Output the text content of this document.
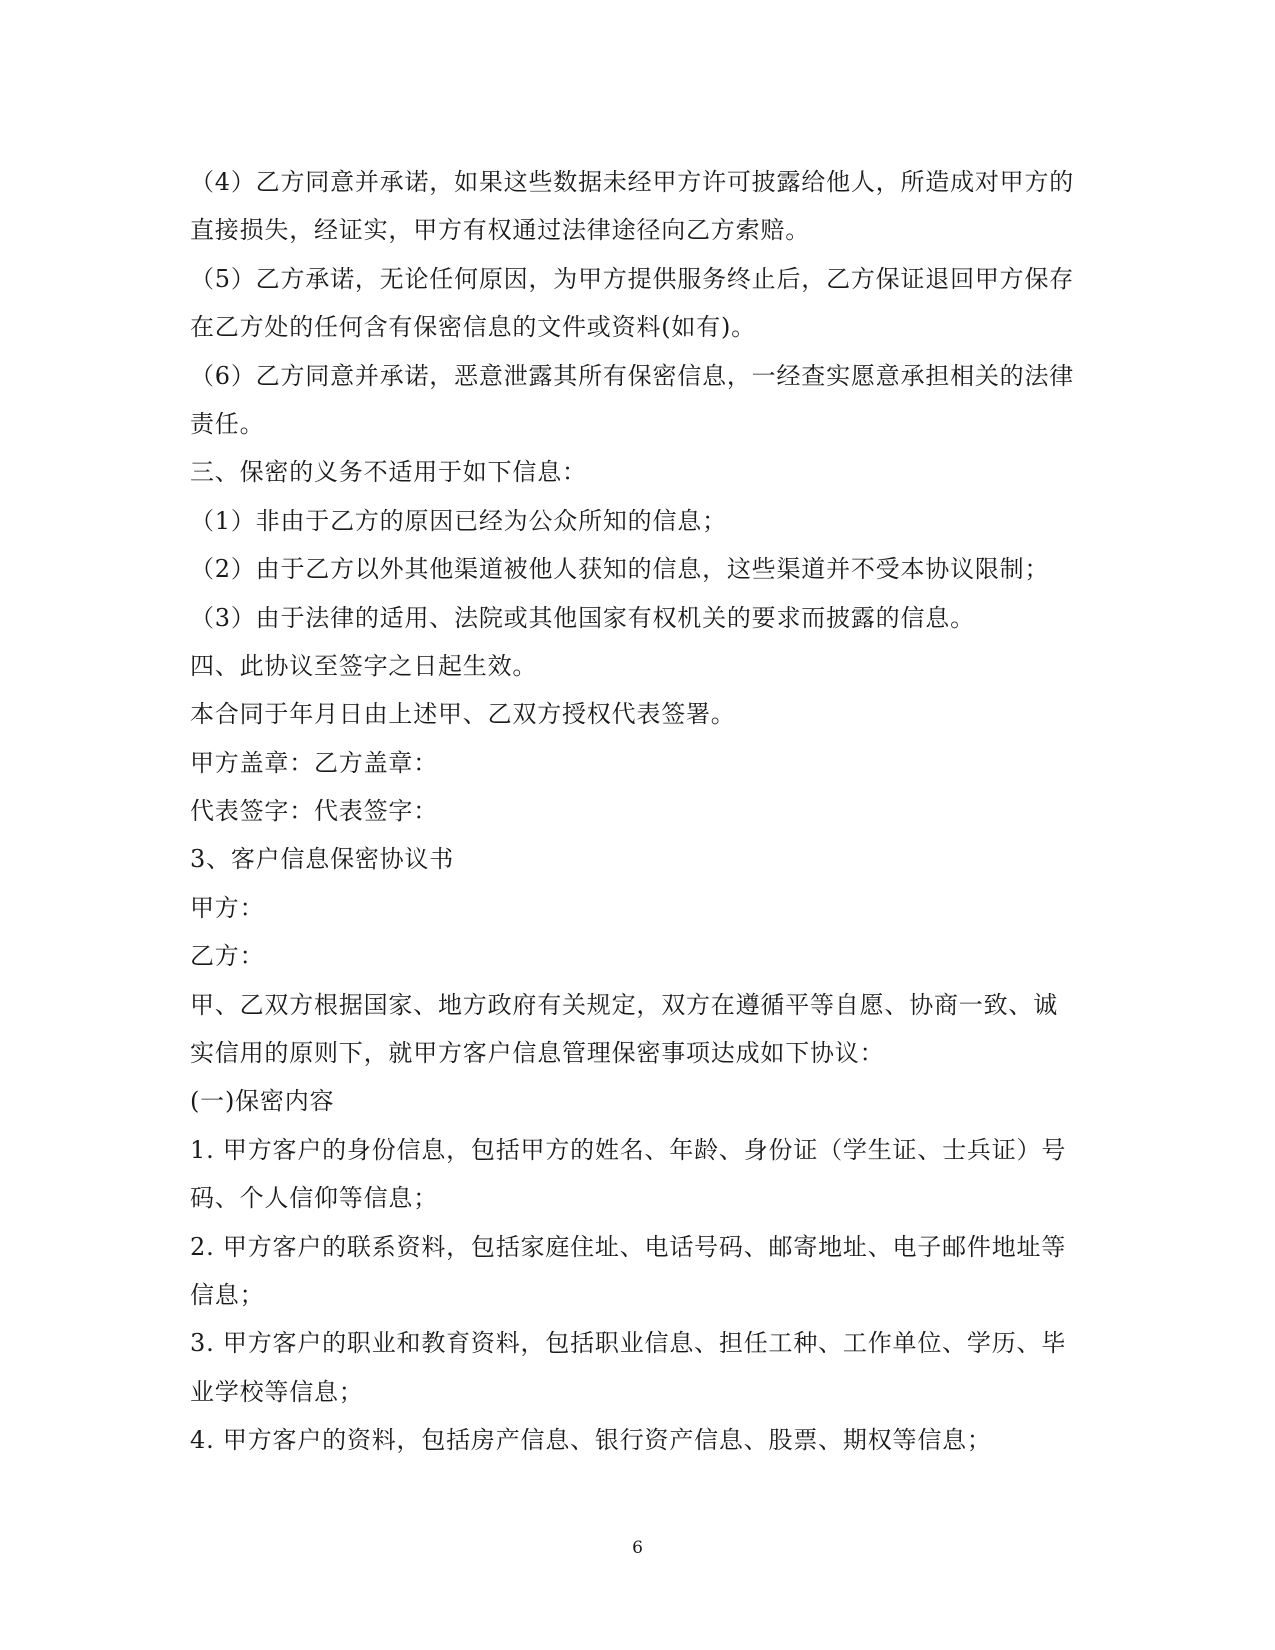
（4）乙方同意并承诺，如果这些数据未经甲方许可披露给他人，所造成对甲方的
直接损失，经证实，甲方有权通过法律途径向乙方索赔。
（5）乙方承诺，无论任何原因，为甲方提供服务终止后，乙方保证退回甲方保存
在乙方处的任何含有保密信息的文件或资料(如有)。
（6）乙方同意并承诺，恶意泄露其所有保密信息，一经查实愿意承担相关的法律
责任。
三、保密的义务不适用于如下信息：
（1）非由于乙方的原因已经为公众所知的信息；
（2）由于乙方以外其他渠道被他人获知的信息，这些渠道并不受本协议限制；
（3）由于法律的适用、法院或其他国家有权机关的要求而披露的信息。
四、此协议至签字之日起生效。
本合同于年月日由上述甲、乙双方授权代表签署。
甲方盖章：乙方盖章：
代表签字：代表签字：
3、客户信息保密协议书
甲方：
乙方：
甲、乙双方根据国家、地方政府有关规定，双方在遵循平等自愿、协商一致、诚
实信用的原则下，就甲方客户信息管理保密事项达成如下协议：
(一)保密内容
1. 甲方客户的身份信息，包括甲方的姓名、年龄、身份证（学生证、士兵证）号
码、个人信仰等信息；
2. 甲方客户的联系资料，包括家庭住址、电话号码、邮寄地址、电子邮件地址等
信息；
3. 甲方客户的职业和教育资料，包括职业信息、担任工种、工作单位、学历、毕
业学校等信息；
4. 甲方客户的资料，包括房产信息、银行资产信息、股票、期权等信息；
6
